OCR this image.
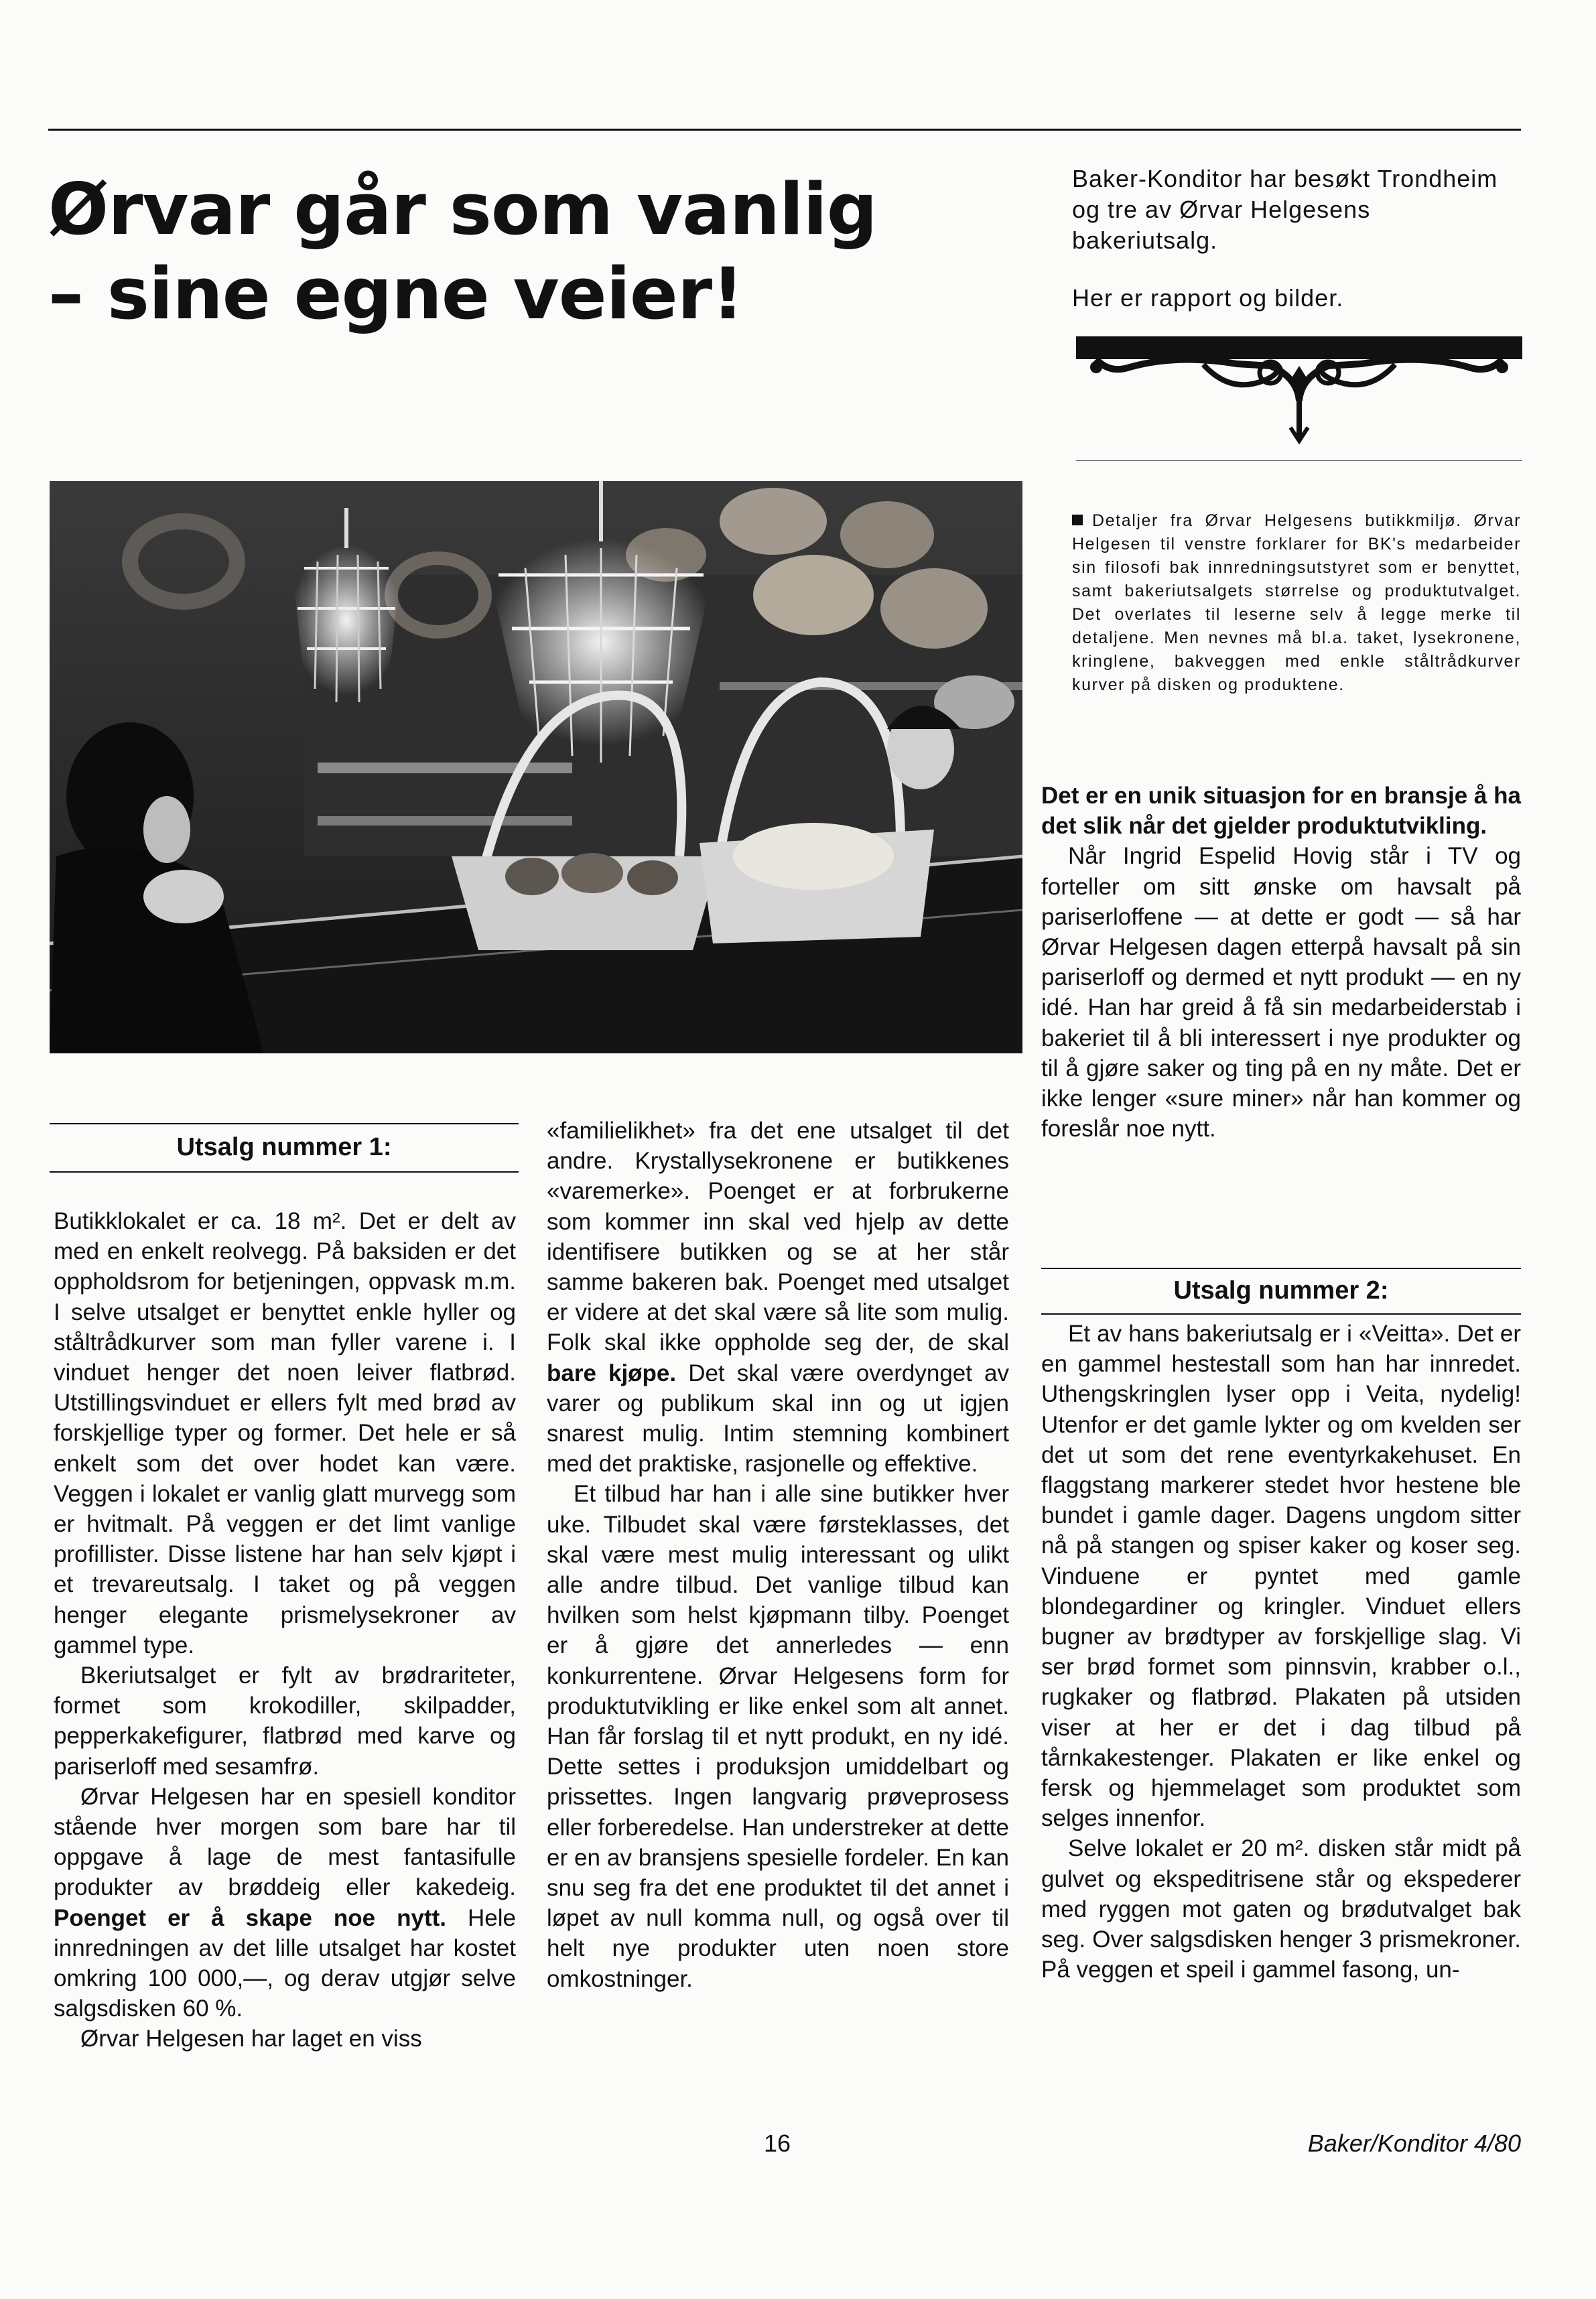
Ørvar går som vanlig
– sine egne veier!

Baker-Konditor har besøkt Trondheim og tre av Ørvar Helgesens bakeriutsalg.

Her er rapport og bilder.

Detaljer fra Ørvar Helgesens butikkmiljø. Ørvar Helgesen til venstre forklarer for BK's medarbeider sin filosofi bak innredningsutstyret som er benyttet, samt bakeriutsalgets størrelse og produktutvalget. Det overlates til leserne selv å legge merke til detaljene. Men nevnes må bl.a. taket, lysekronene, kringlene, bakveggen med enkle ståltrådkurver kurver på disken og produktene.
Utsalg nummer 1:

Butikklokalet er ca. 18 m². Det er delt av med en enkelt reolvegg. På baksiden er det oppholdsrom for betjeningen, oppvask m.m. I selve utsalget er benyttet enkle hyller og ståltrådkurver som man fyller varene i. I vinduet henger det noen leiver flatbrød. Utstillingsvinduet er ellers fylt med brød av forskjellige typer og former. Det hele er så enkelt som det over hodet kan være. Veggen i lokalet er vanlig glatt murvegg som er hvitmalt. På veggen er det limt vanlige profillister. Disse listene har han selv kjøpt i et trevareutsalg. I taket og på veggen henger elegante prismelysekroner av gammel type.

Bkeriutsalget er fylt av brødrariteter, formet som krokodiller, skilpadder, pepperkakefigurer, flatbrød med karve og pariserloff med sesamfrø.

Ørvar Helgesen har en spesiell konditor stående hver morgen som bare har til oppgave å lage de mest fantasifulle produkter av brøddeig eller kakedeig. Poenget er å skape noe nytt. Hele innredningen av det lille utsalget har kostet omkring 100 000,—, og derav utgjør selve salgsdisken 60 %.

Ørvar Helgesen har laget en viss

«familielikhet» fra det ene utsalget til det andre. Krystallysekronene er butikkenes «varemerke». Poenget er at forbrukerne som kommer inn skal ved hjelp av dette identifisere butikken og se at her står samme bakeren bak. Poenget med utsalget er videre at det skal være så lite som mulig. Folk skal ikke oppholde seg der, de skal bare kjøpe. Det skal være overdynget av varer og publikum skal inn og ut igjen snarest mulig. Intim stemning kombinert med det praktiske, rasjonelle og effektive.

Et tilbud har han i alle sine butikker hver uke. Tilbudet skal være førsteklasses, det skal være mest mulig interessant og ulikt alle andre tilbud. Det vanlige tilbud kan hvilken som helst kjøpmann tilby. Poenget er å gjøre det annerledes — enn konkurrentene. Ørvar Helgesens form for produktutvikling er like enkel som alt annet. Han får forslag til et nytt produkt, en ny idé. Dette settes i produksjon umiddelbart og prissettes. Ingen langvarig prøveprosess eller forberedelse. Han understreker at dette er en av bransjens spesielle fordeler. En kan snu seg fra det ene produktet til det annet i løpet av null komma null, og også over til helt nye produkter uten noen store omkostninger.

Det er en unik situasjon for en bransje å ha det slik når det gjelder produktutvikling.

Når Ingrid Espelid Hovig står i TV og forteller om sitt ønske om havsalt på pariserloffene — at dette er godt — så har Ørvar Helgesen dagen etterpå havsalt på sin pariserloff og dermed et nytt produkt — en ny idé. Han har greid å få sin medarbeiderstab i bakeriet til å bli interessert i nye produkter og til å gjøre saker og ting på en ny måte. Det er ikke lenger «sure miner» når han kommer og foreslår noe nytt.

Utsalg nummer 2:

Et av hans bakeriutsalg er i «Veitta». Det er en gammel hestestall som han har innredet. Uthengskringlen lyser opp i Veita, nydelig! Utenfor er det gamle lykter og om kvelden ser det ut som det rene eventyrkakehuset. En flaggstang markerer stedet hvor hestene ble bundet i gamle dager. Dagens ungdom sitter nå på stangen og spiser kaker og koser seg. Vinduene er pyntet med gamle blondegardiner og kringler. Vinduet ellers bugner av brødtyper av forskjellige slag. Vi ser brød formet som pinnsvin, krabber o.l., rugkaker og flatbrød. Plakaten på utsiden viser at her er det i dag tilbud på tårnkakestenger. Plakaten er like enkel og fersk og hjemmelaget som produktet som selges innenfor.

Selve lokalet er 20 m². disken står midt på gulvet og ekspeditrisene står og ekspederer med ryggen mot gaten og brødutvalget bak seg. Over salgsdisken henger 3 prismekroner. På veggen et speil i gammel fasong, un-

16	Baker/Konditor 4/80
